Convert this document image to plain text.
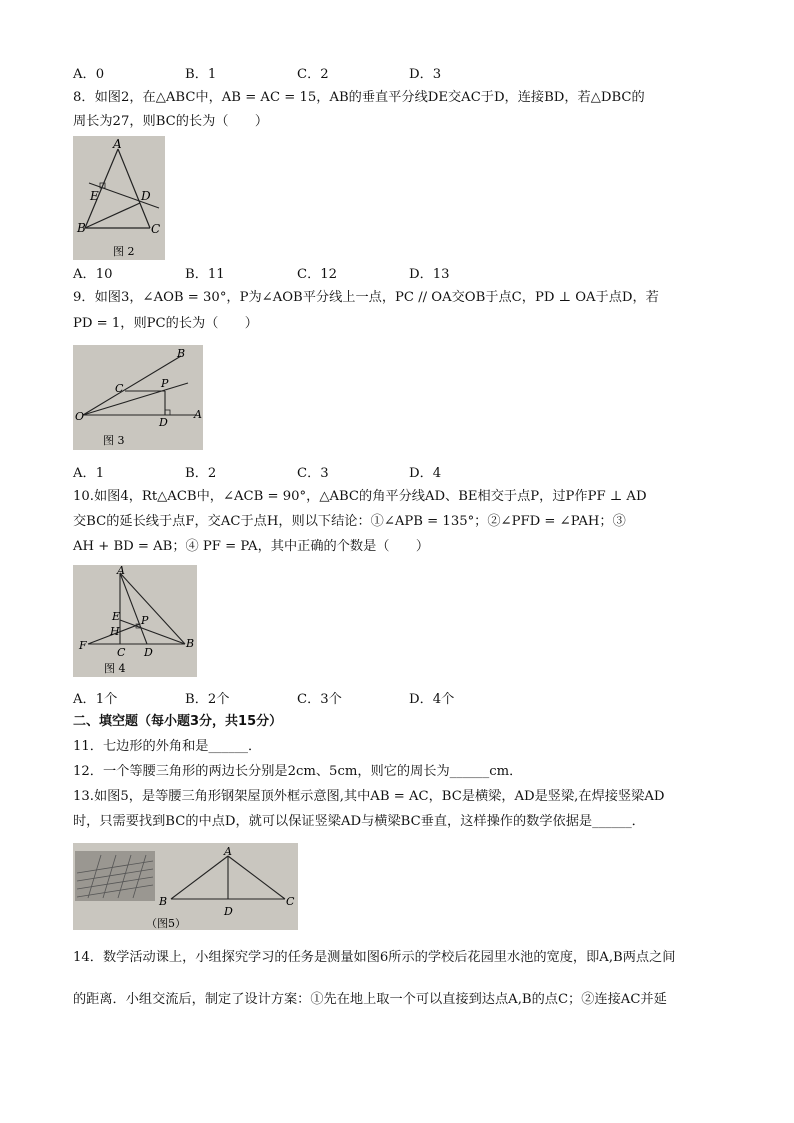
A．0	B．1	C．2	D．3
8．如图2，在△ABC中，AB = AC = 15，AB的垂直平分线DE交AC于D，连接BD，若△DBC的
周长为27，则BC的长为（　　）
A
B	C
D
E
图 2
A．10	B．11	C．12	D．13
9．如图3，∠AOB = 30°，P为∠AOB平分线上一点，PC // OA交OB于点C，PD ⊥ OA于点D，若
PD = 1，则PC的长为（　　）
O	A
B
C	P
D
图 3
A．1	B．2	C．3	D．4
10.如图4，Rt△ACB中，∠ACB = 90°，△ABC的角平分线AD、BE相交于点P，过P作PF ⊥ AD
交BC的延长线于点F，交AC于点H，则以下结论：①∠APB = 135°；②∠PFD = ∠PAH；③
AH + BD = AB；④ PF = PA，其中正确的个数是（　　）
A
B
C D
E
F
H
P
图 4
A．1个	B．2个	C．3个	D．4个
二、填空题（每小题3分，共15分）
11．七边形的外角和是______．
12．一个等腰三角形的两边长分别是2cm、5cm，则它的周长为______cm．
13.如图5，是等腰三角形钢架屋顶外框示意图,其中AB = AC，BC是横梁，AD是竖梁,在焊接竖梁AD
时，只需要找到BC的中点D，就可以保证竖梁AD与横梁BC垂直，这样操作的数学依据是______．
A
B	C
D
（图5）
14．数学活动课上，小组探究学习的任务是测量如图6所示的学校后花园里水池的宽度，即A,B两点之间
的距离．小组交流后，制定了设计方案：①先在地上取一个可以直接到达点A,B的点C；②连接AC并延
